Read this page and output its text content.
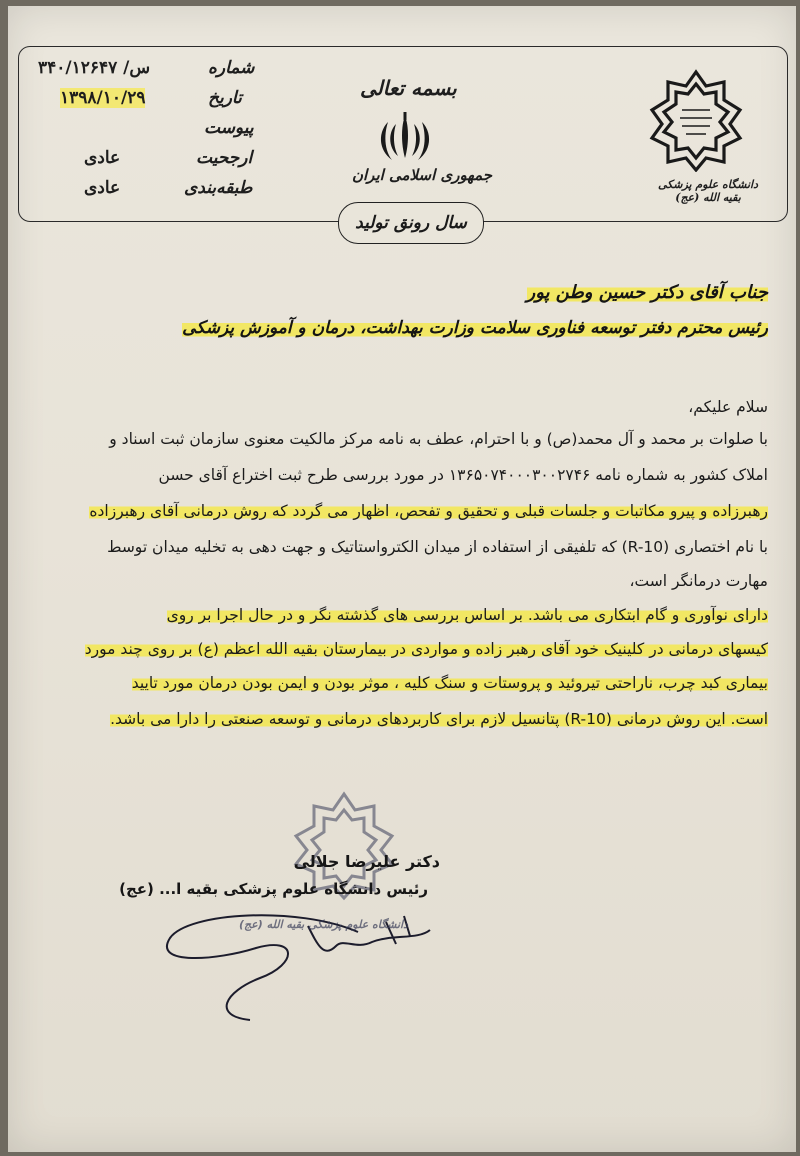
شماره
۳۴۰/۱۲۶۴۷ /س
تاریخ
۱۳۹۸/۱۰/۲۹
پیوست
ارجحیت
عادی
طبقه‌بندی
عادی
بسمه تعالی
جمهوری اسلامی ایران
دانشگاه علوم پزشکی بقیه الله (عج)
سال رونق تولید
جناب آقای دکتر حسین وطن پور
رئیس محترم دفتر توسعه فناوری سلامت وزارت بهداشت، درمان و آموزش پزشکی
سلام علیکم،
با صلوات بر محمد و آل محمد(ص) و با احترام، عطف به نامه مرکز مالکیت معنوی سازمان ثبت اسناد و
املاک کشور به شماره نامه ۱۳۶۵۰۷۴۰۰۰۳۰۰۲۷۴۶ در مورد بررسی طرح ثبت اختراع آقای حسن
رهبرزاده و پیرو مکاتبات و جلسات قبلی و تحقیق و تفحص، اظهار می گردد که روش درمانی آقای رهبرزاده
با نام اختصاری (R-10) که تلفیقی از استفاده از میدان الکترواستاتیک و جهت دهی به تخلیه میدان توسط
مهارت درمانگر است،
دارای نوآوری و گام ابتکاری می باشد. بر اساس بررسی های گذشته نگر و در حال اجرا بر روی
کیسهای درمانی در کلینیک خود آقای رهبر زاده و مواردی در بیمارستان بقیه الله اعظم (ع) بر روی چند مورد
بیماری کبد چرب، ناراحتی تیروئید و پروستات و سنگ کلیه ، موثر بودن و ایمن بودن درمان مورد تایید
است. این روش درمانی (R-10) پتانسیل لازم برای کاربردهای درمانی و توسعه صنعتی را دارا می باشد.
دکتر علیرضا جلالی
رئیس دانشگاه علوم پزشکی بقیه ا... (عج)
دانشگاه علوم پزشکی بقیه الله (عج)
